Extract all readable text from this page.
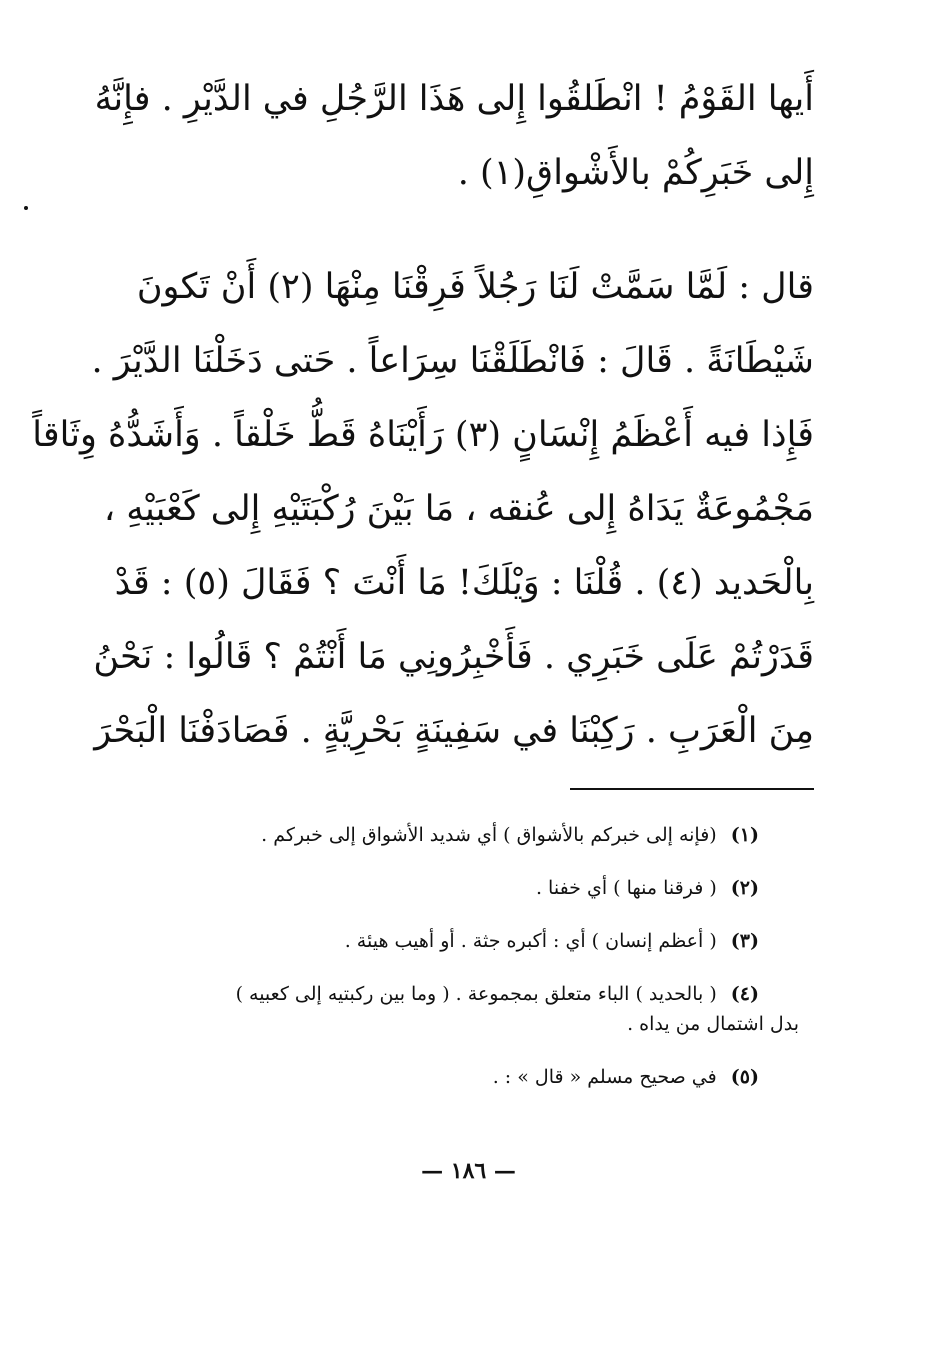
أَيها القَوْمُ ! انْطَلقُوا إِلى هَذَا الرَّجُلِ في الدَّيْرِ . فإِنَّهُ
إِلى خَبَرِكُمْ بالأَشْواقِ(١) .
قال : لَمَّا سَمَّتْ لَنَا رَجُلاً فَرِقْنَا مِنْهَا (٢) أَنْ تَكونَ
شَيْطَانَةً . قَالَ : فَانْطَلَقْنَا سِرَاعاً . حَتى دَخَلْنَا الدَّيْرَ .
فَإِذا فيه أَعْظَمُ إِنْسَانٍ (٣) رَأَيْنَاهُ قَطُّ خَلْقاً . وَأَشَدُّهُ وِثَاقاً
مَجْمُوعَةٌ يَدَاهُ إِلى عُنقه ، مَا بَيْنَ رُكْبَتَيْهِ إِلى كَعْبَيْهِ ،
بِالْحَديد (٤) . قُلْنَا : وَيْلَكَ! مَا أَنْتَ ؟ فَقَالَ (٥) : قَدْ
قَدَرْتُمْ عَلَى خَبَرِي . فَأَخْبِرُونِي مَا أَنْتُمْ ؟ قَالُوا : نَحْنُ
مِنَ الْعَرَبِ . رَكِبْنَا في سَفِينَةٍ بَحْرِيَّةٍ . فَصَادَفْنَا الْبَحْرَ
(١) (فإنه إلى خبركم بالأشواق ) أي شديد الأشواق إلى خبركم .
(٢) ( فرقنا منها ) أي خفنا .
(٣) ( أعظم إنسان ) أي : أكبره جثة . أو أهيب هيئة .
(٤) ( بالحديد ) الباء متعلق بمجموعة . ( وما بين ركبتيه إلى كعبيه )
بدل اشتمال من يداه .
(٥) في صحيح مسلم « قال » : .
— ١٨٦ —
